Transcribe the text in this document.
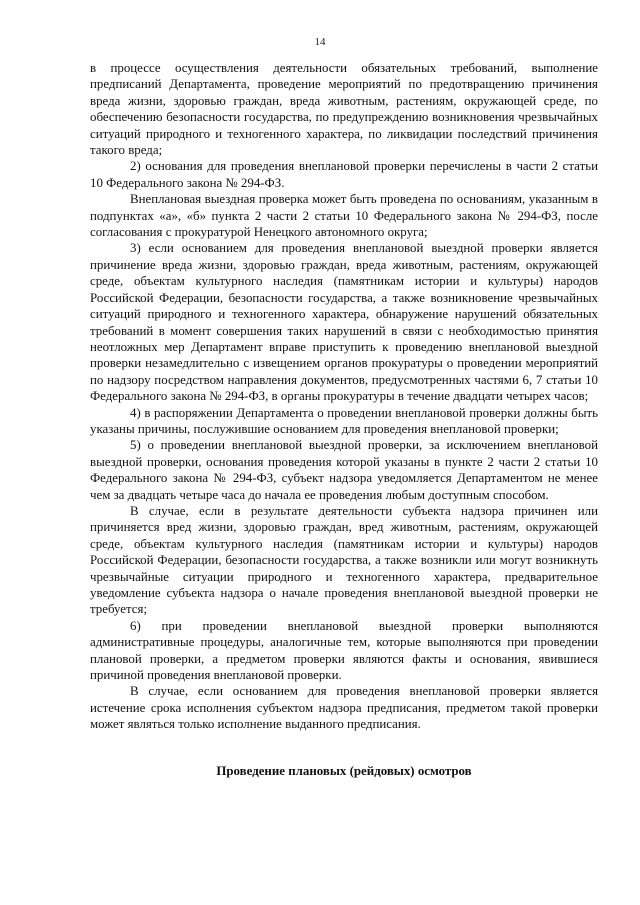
14

в процессе осуществления деятельности обязательных требований, выполнение предписаний Департамента, проведение мероприятий по предотвращению причинения вреда жизни, здоровью граждан, вреда животным, растениям, окружающей среде, по обеспечению безопасности государства, по предупреждению возникновения чрезвычайных ситуаций природного и техногенного характера, по ликвидации последствий причинения такого вреда;

2) основания для проведения внеплановой проверки перечислены в части 2 статьи 10 Федерального закона № 294-ФЗ.

Внеплановая выездная проверка может быть проведена по основаниям, указанным в подпунктах «а», «б» пункта 2 части 2 статьи 10 Федерального закона № 294-ФЗ, после согласования с прокуратурой Ненецкого автономного округа;

3) если основанием для проведения внеплановой выездной проверки является причинение вреда жизни, здоровью граждан, вреда животным, растениям, окружающей среде, объектам культурного наследия (памятникам истории и культуры) народов Российской Федерации, безопасности государства, а также возникновение чрезвычайных ситуаций природного и техногенного характера, обнаружение нарушений обязательных требований в момент совершения таких нарушений в связи с необходимостью принятия неотложных мер Департамент вправе приступить к проведению внеплановой выездной проверки незамедлительно с извещением органов прокуратуры о проведении мероприятий по надзору посредством направления документов, предусмотренных частями 6, 7 статьи 10 Федерального закона № 294-ФЗ, в органы прокуратуры в течение двадцати четырех часов;

4) в распоряжении Департамента о проведении внеплановой проверки должны быть указаны причины, послужившие основанием для проведения внеплановой проверки;

5) о проведении внеплановой выездной проверки, за исключением внеплановой выездной проверки, основания проведения которой указаны в пункте 2 части 2 статьи 10 Федерального закона № 294-ФЗ, субъект надзора уведомляется Департаментом не менее чем за двадцать четыре часа до начала ее проведения любым доступным способом.

В случае, если в результате деятельности субъекта надзора причинен или причиняется вред жизни, здоровью граждан, вред животным, растениям, окружающей среде, объектам культурного наследия (памятникам истории и культуры) народов Российской Федерации, безопасности государства, а также возникли или могут возникнуть чрезвычайные ситуации природного и техногенного характера, предварительное уведомление субъекта надзора о начале проведения внеплановой выездной проверки не требуется;

6) при проведении внеплановой выездной проверки выполняются административные процедуры, аналогичные тем, которые выполняются при проведении плановой проверки, а предметом проверки являются факты и основания, явившиеся причиной проведения внеплановой проверки.

В случае, если основанием для проведения внеплановой проверки является истечение срока исполнения субъектом надзора предписания, предметом такой проверки может являться только исполнение выданного предписания.

Проведение плановых (рейдовых) осмотров
